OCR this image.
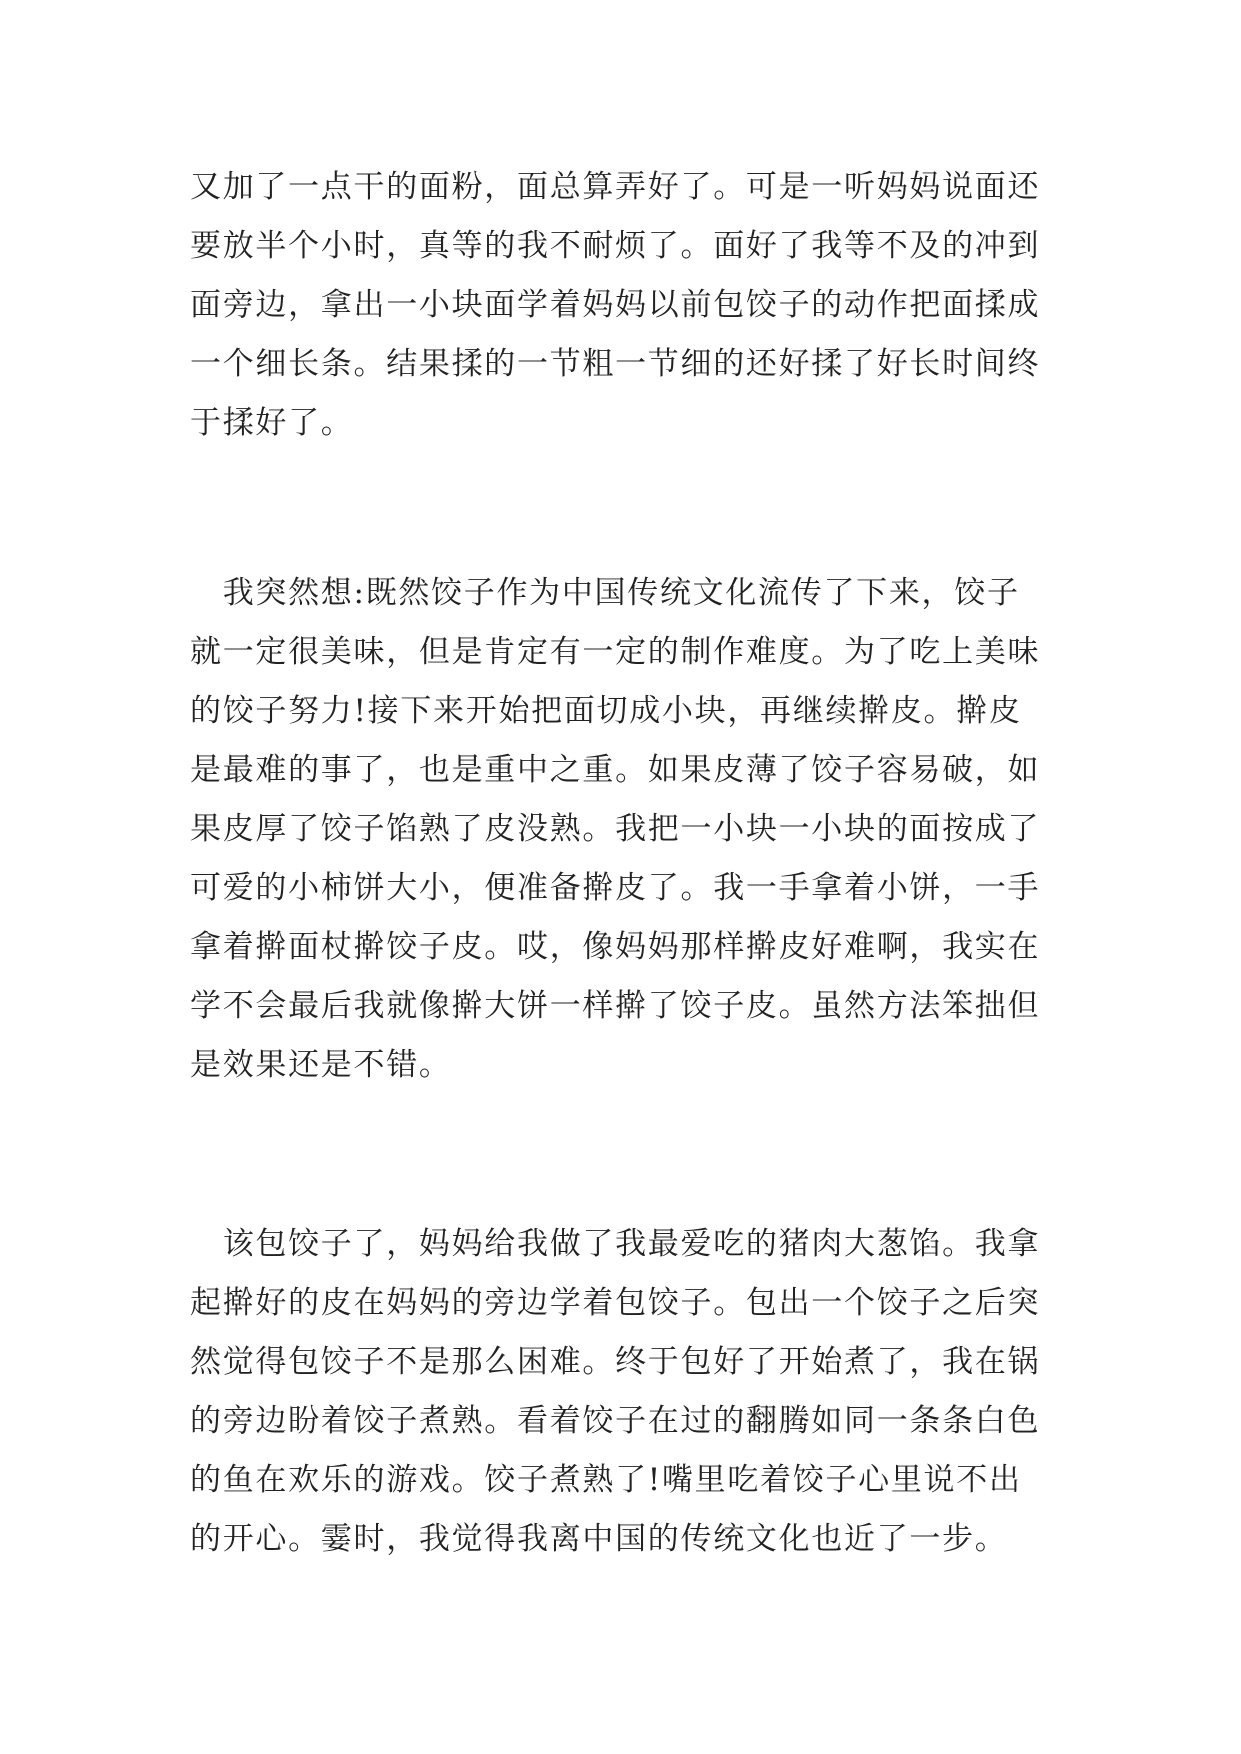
又加了一点干的面粉，面总算弄好了。可是一听妈妈说面还
要放半个小时，真等的我不耐烦了。面好了我等不及的冲到
面旁边，拿出一小块面学着妈妈以前包饺子的动作把面揉成
一个细长条。结果揉的一节粗一节细的还好揉了好长时间终
于揉好了。
　我突然想:既然饺子作为中国传统文化流传了下来，饺子
就一定很美味，但是肯定有一定的制作难度。为了吃上美味
的饺子努力!接下来开始把面切成小块，再继续擀皮。擀皮
是最难的事了，也是重中之重。如果皮薄了饺子容易破，如
果皮厚了饺子馅熟了皮没熟。我把一小块一小块的面按成了
可爱的小柿饼大小，便准备擀皮了。我一手拿着小饼，一手
拿着擀面杖擀饺子皮。哎，像妈妈那样擀皮好难啊，我实在
学不会最后我就像擀大饼一样擀了饺子皮。虽然方法笨拙但
是效果还是不错。
　该包饺子了，妈妈给我做了我最爱吃的猪肉大葱馅。我拿
起擀好的皮在妈妈的旁边学着包饺子。包出一个饺子之后突
然觉得包饺子不是那么困难。终于包好了开始煮了，我在锅
的旁边盼着饺子煮熟。看着饺子在过的翻腾如同一条条白色
的鱼在欢乐的游戏。饺子煮熟了!嘴里吃着饺子心里说不出
的开心。霎时，我觉得我离中国的传统文化也近了一步。
